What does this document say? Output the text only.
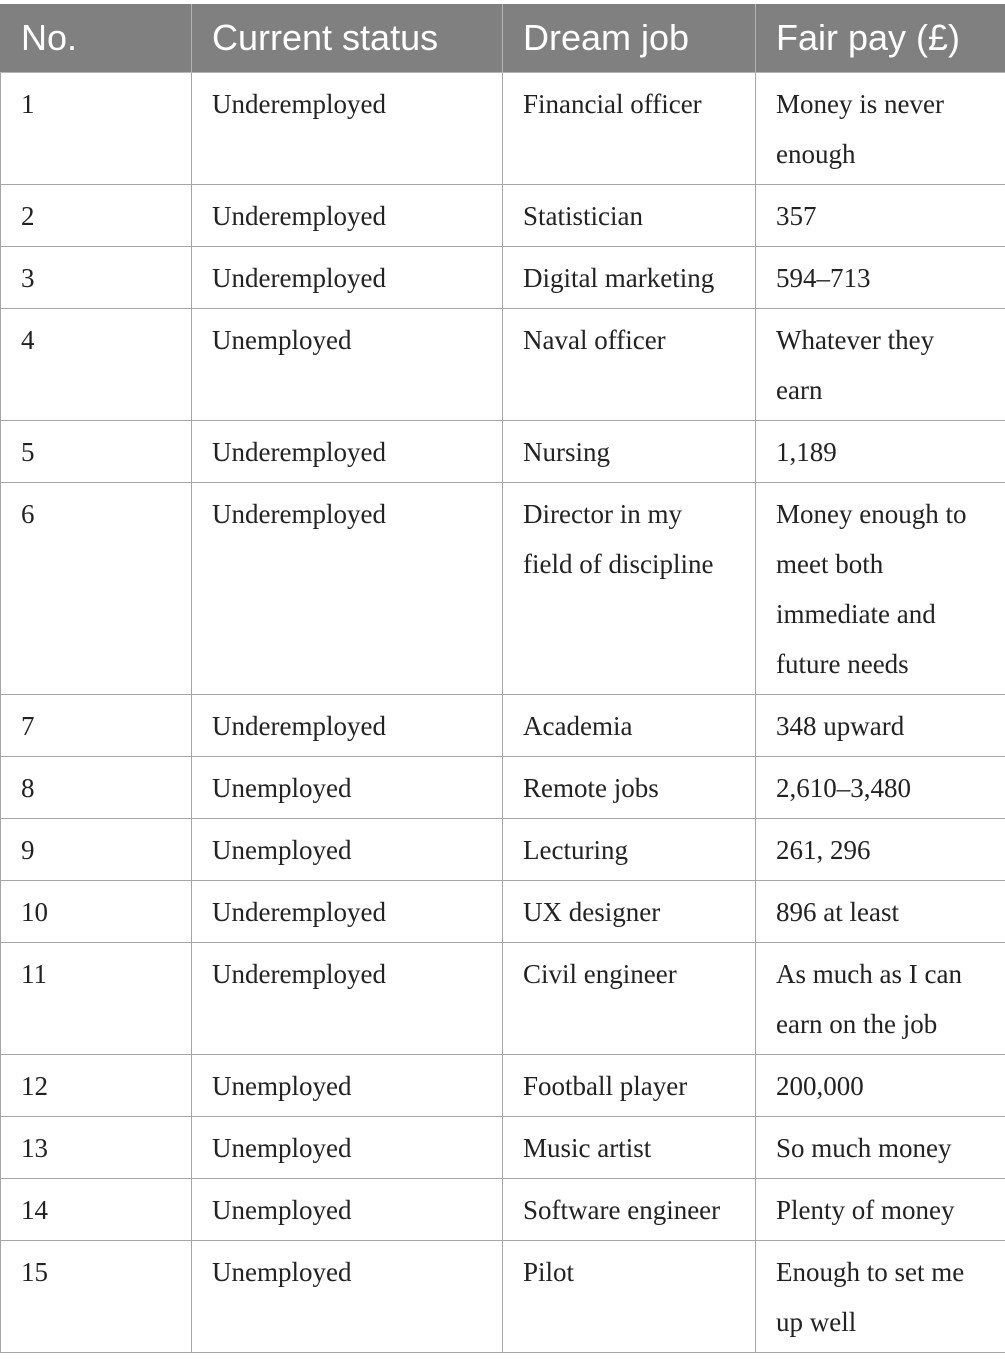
No.	Current status	Dream job	Fair pay (£)
1	Underemployed	Financial officer	Money is never enough
2	Underemployed	Statistician	357
3	Underemployed	Digital marketing	594–713
4	Unemployed	Naval officer	Whatever they earn
5	Underemployed	Nursing	1,189
6	Underemployed	Director in my field of discipline	Money enough to meet both immediate and future needs
7	Underemployed	Academia	348 upward
8	Unemployed	Remote jobs	2,610–3,480
9	Unemployed	Lecturing	261, 296
10	Underemployed	UX designer	896 at least
11	Underemployed	Civil engineer	As much as I can earn on the job
12	Unemployed	Football player	200,000
13	Unemployed	Music artist	So much money
14	Unemployed	Software engineer	Plenty of money
15	Unemployed	Pilot	Enough to set me up well
